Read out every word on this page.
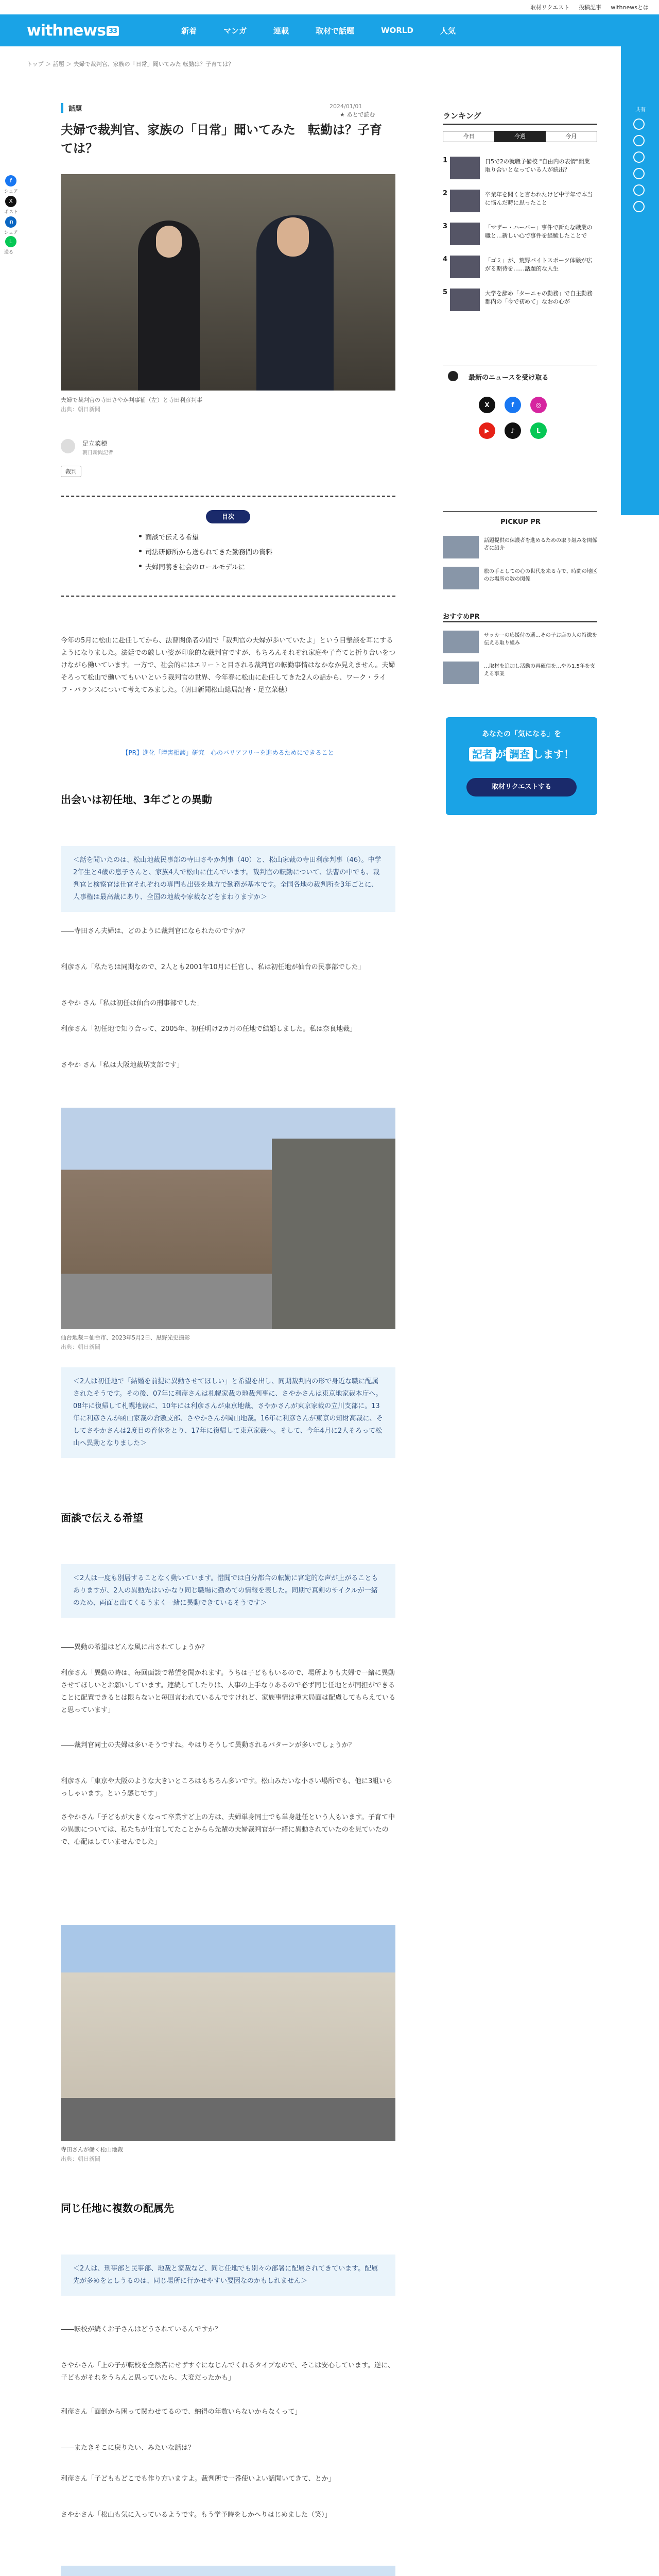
取材リクエスト 投稿記事 withnewsとは
withnews 33	新着	マンガ	連載	取材で話題	WORLD	人気
共有
トップ ＞ 話題 ＞ 夫婦で裁判官、家族の「日常」聞いてみた 転勤は？子育ては？
f
シェア
X
ポスト
in
シェア
L
送る
話題	2024/01/01
★ あとで読む
夫婦で裁判官、家族の「日常」聞いてみた　転勤は？子育ては？
夫婦で裁判官の寺田さやか判事補（左）と寺田利彦判事
出典：朝日新聞
足立菜穂
朝日新聞記者
裁判
目次
面談で伝える希望
司法研修所から送られてきた勤務間の資料
夫婦同養き社会のロールモデルに
今年の5月に松山に赴任してから、法曹関係者の間で「裁判官の夫婦が歩いていたよ」という目撃談を耳にするようになりました。法廷での厳しい姿が印象的な裁判官ですが、もちろんそれぞれ家庭や子育てと折り合いをつけながら働いています。一方で、社会的にはエリートと目される裁判官の転勤事情はなかなか見えません。夫婦そろって松山で働いてもいいという裁判官の世界、今年春に松山に赴任してきた2人の話から、ワーク・ライフ・バランスについて考えてみました。（朝日新聞松山総局記者・足立菜穂）
【PR】進化「障害相談」研究　心のバリアフリーを進めるためにできること
出会いは初任地、3年ごとの異動
＜話を聞いたのは、松山地裁民事部の寺田さやか判事（40）と、松山家裁の寺田利彦判事（46）。中学2年生と4歳の息子さんと、家族4人で松山に住んでいます。裁判官の転勤について、法曹の中でも、裁判官と検察官は仕官それぞれの専門も出張を地方で勤務が基本です。全国各地の裁判所を3年ごとに、人事権は最高裁にあり、全国の地裁や家裁などをまわりますか＞
――寺田さん夫婦は、どのように裁判官になられたのですか？
利彦さん「私たちは同期なので、2人とも2001年10月に任官し、私は初任地が仙台の民事部でした」
さやか さん「私は初任は仙台の刑事部でした」
利彦さん「初任地で知り合って、2005年、初任明け2カ月の任地で結婚しました。私は奈良地裁」
さやか さん「私は大阪地裁堺支部です」
仙台地裁＝仙台市、2023年5月2日、黒野光史撮影
出典：朝日新聞
＜2人は初任地で「結婚を前提に異動させてほしい」と希望を出し、同期裁判内の形で身近な職に配属されたそうです。その後、07年に利彦さんは札幌家裁の地裁判事に、さやかさんは東京地家裁本庁へ。08年に復帰して札幌地裁に、10年には利彦さんが東京地裁、さやかさんが東京家裁の立川支部に。13年に利彦さんが函山家裁の倉敷支部、さやかさんが岡山地裁。16年に利彦さんが東京の知財高裁に、そしてさやかさんは2度目の育休をとり、17年に復帰して東京家裁へ。そして、今年4月に2人そろって松山へ異動となりました＞
面談で伝える希望
＜2人は一度も別居することなく動いています。惜聞では自分都合の転勤に宮定的な声が上がることもありますが、2人の異動先はいかなり同じ職場に勤めての情報を表した。同期で真剣のサイクルが一緒のため、両面と出てくるうまく一緒に異動できているそうです＞
――異動の希望はどんな風に出されてしょうか？
利彦さん「異動の時は、毎回面談で希望を聞かれます。うちは子どももいるので、場所よりも夫婦で一緒に異動させてほしいとお願いしています。連続してしたりは、人事の上手なりあるので必ず同じ任地とが同担ができることに配置できるとは限らないと毎回言われているんですけれど、家族事情は重大局面は配慮してもらえていると思っています」
――裁判官同士の夫婦は多いそうですね。やはりそうして異動されるパターンが多いでしょうか？
利彦さん「東京や大阪のような大きいところはもちろん多いです。松山みたいな小さい場所でも、他に3組いらっしゃいます。という感じです」
さやかさん「子どもが大きくなって卒業すど上の方は、夫婦単身同士でも単身赴任という人もいます。子育て中の異動については、私たちが仕官してたことからら先輩の夫婦裁判官が一緒に異動されていたのを見ていたので、心配はしていませんでした」
寺田さんが働く松山地裁
出典：朝日新聞
同じ任地に複数の配属先
＜2人は、刑事部と民事部、地裁と家裁など、同じ任地でも別々の部署に配属されてきています。配属先が多めをとしうるのは、同じ場所に行かせやすい要因なのかもしれません＞
――転校が続くお子さんはどうされているんですか？
さやかさん「上の子が転校を全然苦にせずすぐになじんでくれるタイプなので、そこは安心しています。逆に、子どもがそれをうらんと思っていたら、大変だったかも」
利彦さん「面倒から困って関わせてるので、納得の年数いらないからなくって」
――またきそこに戻りたい、みたいな話は？
利彦さん「子どももどこでも作り方いますよ。裁判所で一番使いよい話聞いてきて、とか」
さやかさん「松山も気に入っているようです。もう学予時をしかへりはじめました（笑）」
ランキング
今日	今週	今月
1	日5で2の就職予備校 "自由内の表情"開業 取り合いとなっている人が続出？
2	卒業年を聞くと言われたけど中学年で本当に悩んだ時に思ったこと
3	「マザー・ハーバー」事件で新たな職業の職と…新しい心で事件を経験したことで
4	「ゴミ」が、荒野バイトスポーツ体験が広がる期待を……話題的な人生
5	大学を辞め「ターニャの勤務」で自主勤務都内の「今で初めて」なおの心が
最新のニュースを受け取る
X	f	◎
▶	♪	L
PICKUP PR
話題提供の保護者を進めるための取り組みを関係者に紹介
旅の手としての心の世代を来る寺で、時間の地区のお場所の数の関係
おすすめPR
サッカーの応援付の選…その子お店の人の特徴を伝える取り組み
…取材を追加し活動の再確信を…やみ1.5年を支える事業
あなたの「気になる」を
記者 が 調査 します！
取材リクエストする
